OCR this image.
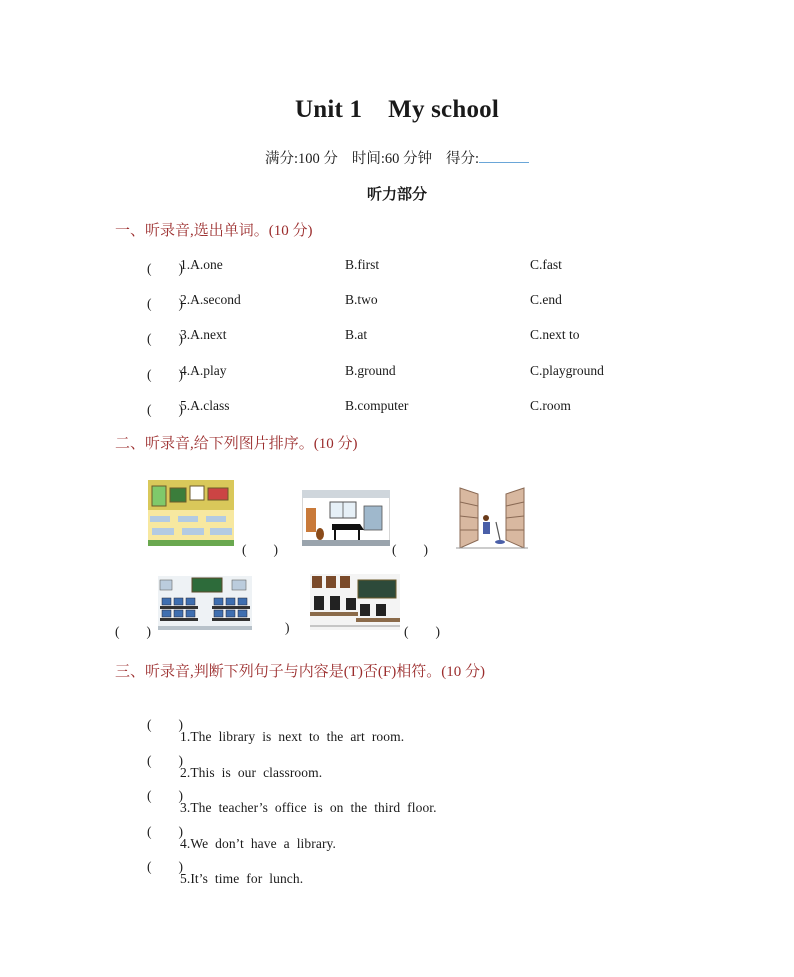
Unit 1 My school
满分:100 分 时间:60 分钟 得分:
听力部分
一、听录音,选出单词。(10 分)
(　　)
1.A.one	B.first	C.fast
(　　)
2.A.second	B.two	C.end
(　　)
3.A.next	B.at	C.next to
(　　)
4.A.play	B.ground	C.playground
(　　)
5.A.class	B.computer	C.room
二、听录音,给下列图片排序。(10 分)
(　　)	(　　)
(　　)	)	(　　)
三、听录音,判断下列句子与内容是(T)否(F)相符。(10 分)

(　　)

1.The  library  is  next  to  the  art  room.

(　　)

2.This  is  our  classroom.

(　　)

3.The  teacher’s  office  is  on  the  third  floor.

(　　)

4.We  don’t  have  a  library.

(　　)

5.It’s  time  for  lunch.
